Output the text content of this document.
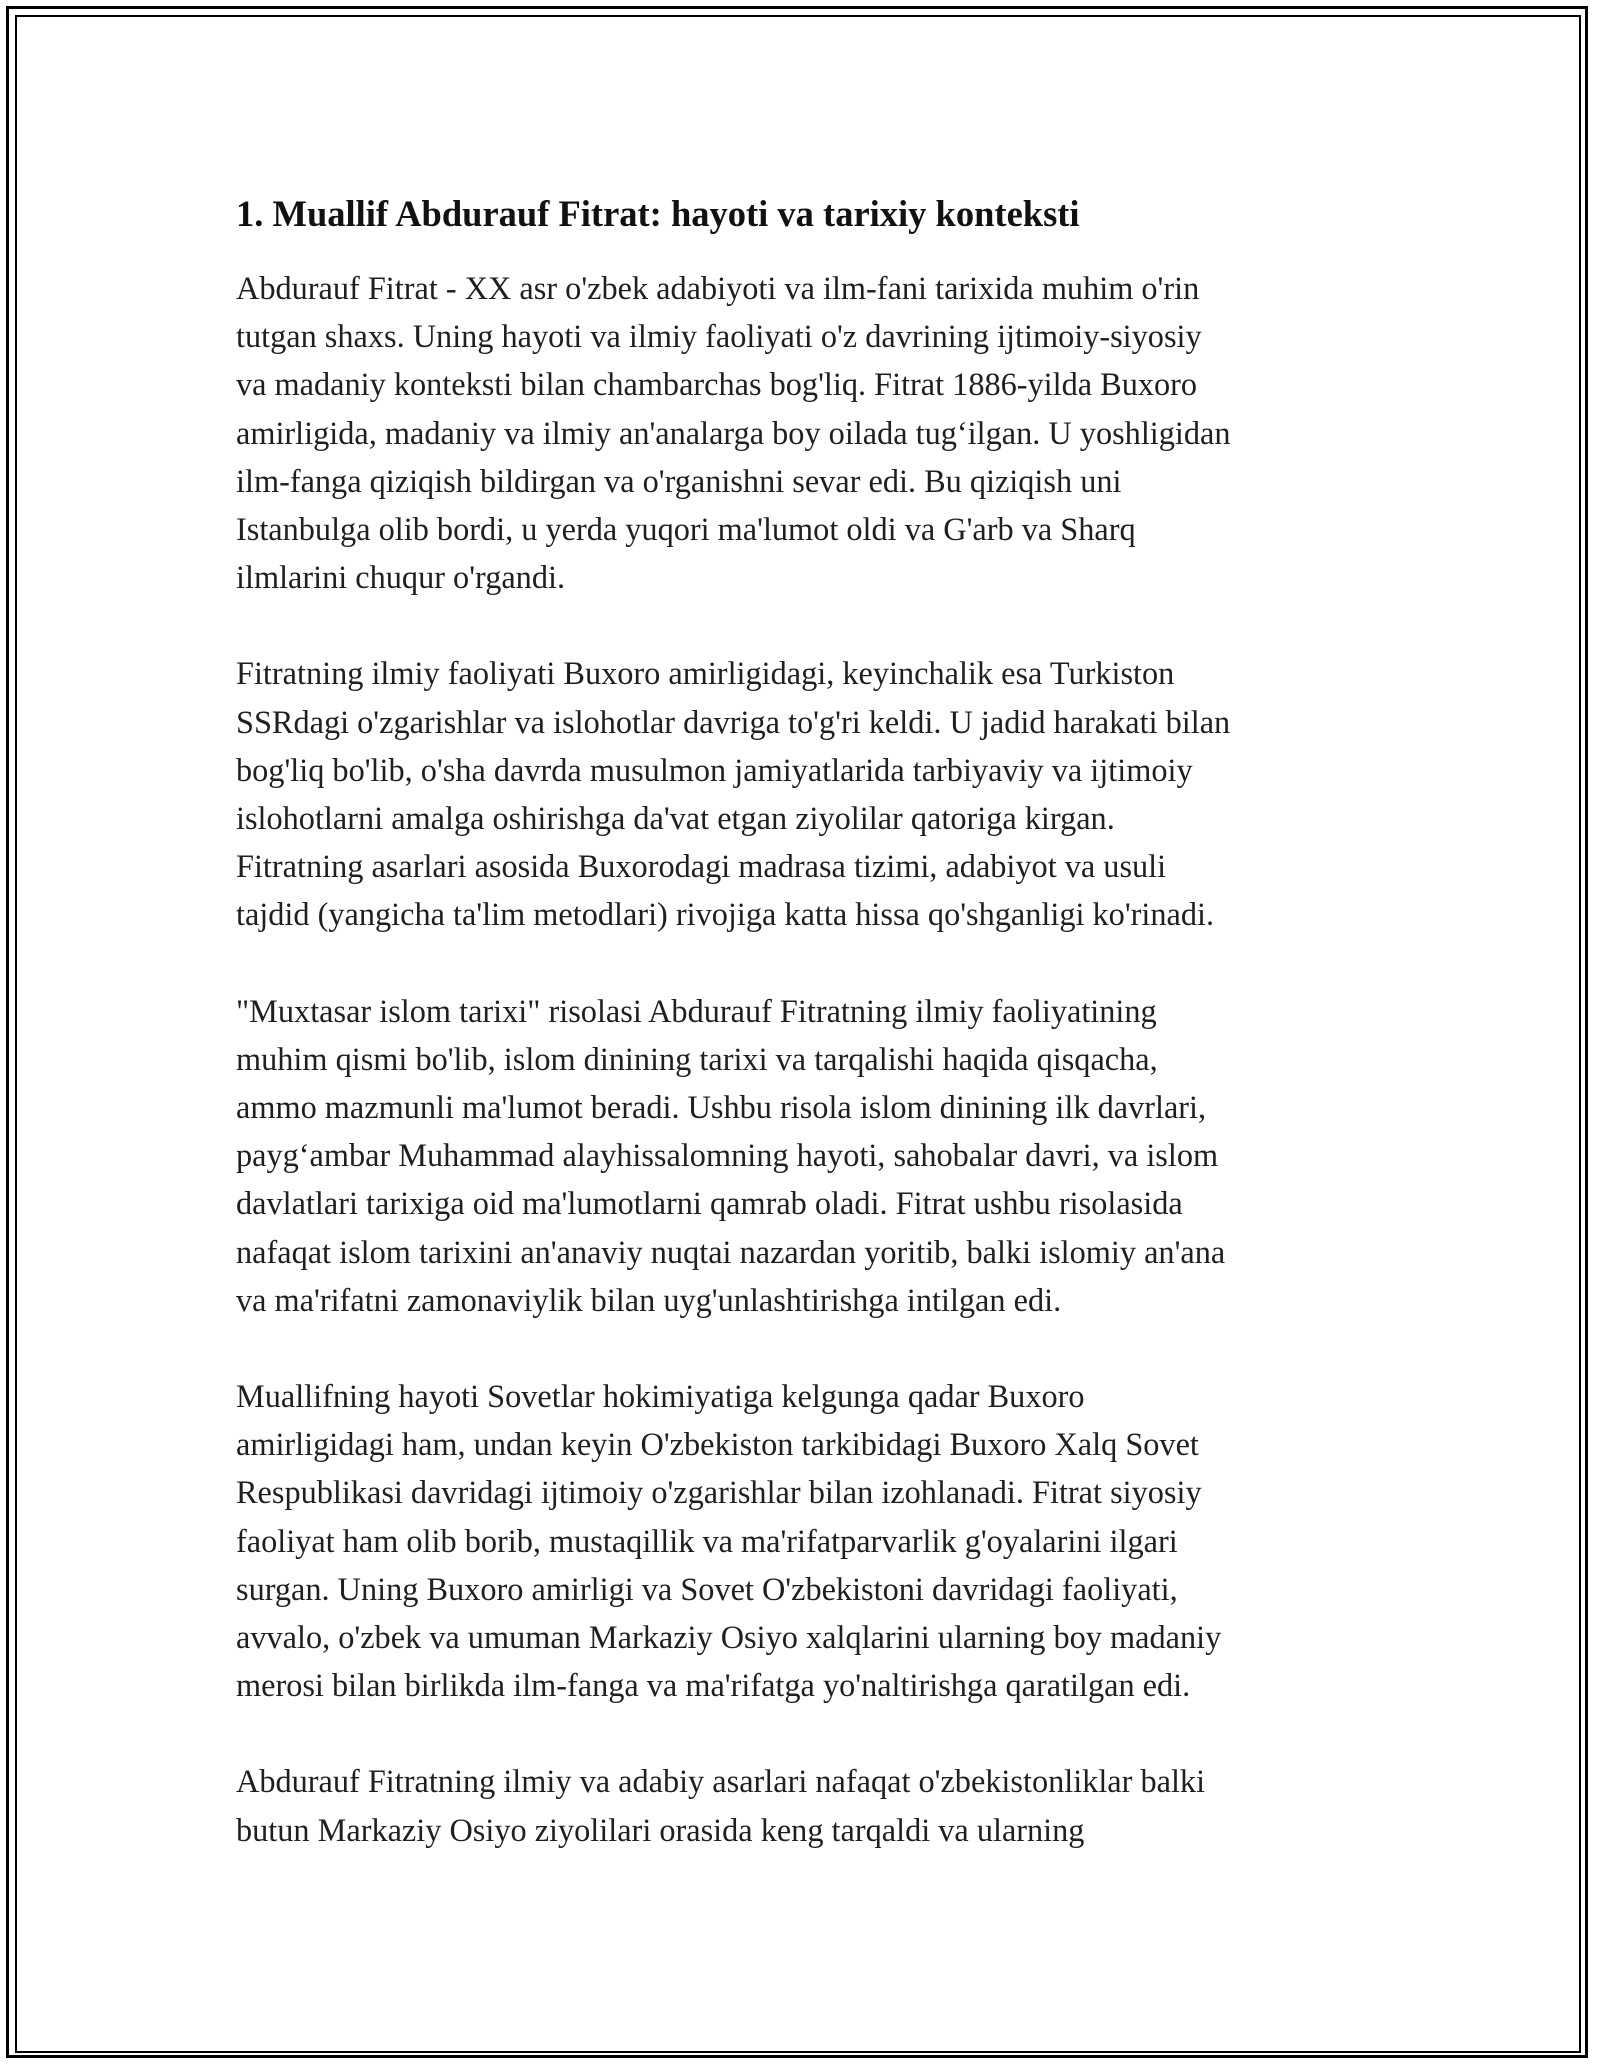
1. Muallif Abdurauf Fitrat: hayoti va tarixiy konteksti

Abdurauf Fitrat - XX asr o'zbek adabiyoti va ilm-fani tarixida muhim o'rin
tutgan shaxs. Uning hayoti va ilmiy faoliyati o'z davrining ijtimoiy-siyosiy
va madaniy konteksti bilan chambarchas bog'liq. Fitrat 1886-yilda Buxoro
amirligida, madaniy va ilmiy an'analarga boy oilada tug‘ilgan. U yoshligidan
ilm-fanga qiziqish bildirgan va o'rganishni sevar edi. Bu qiziqish uni
Istanbulga olib bordi, u yerda yuqori ma'lumot oldi va G'arb va Sharq
ilmlarini chuqur o'rgandi.

Fitratning ilmiy faoliyati Buxoro amirligidagi, keyinchalik esa Turkiston
SSRdagi o'zgarishlar va islohotlar davriga to'g'ri keldi. U jadid harakati bilan
bog'liq bo'lib, o'sha davrda musulmon jamiyatlarida tarbiyaviy va ijtimoiy
islohotlarni amalga oshirishga da'vat etgan ziyolilar qatoriga kirgan.
Fitratning asarlari asosida Buxorodagi madrasa tizimi, adabiyot va usuli
tajdid (yangicha ta'lim metodlari) rivojiga katta hissa qo'shganligi ko'rinadi.

"Muxtasar islom tarixi" risolasi Abdurauf Fitratning ilmiy faoliyatining
muhim qismi bo'lib, islom dinining tarixi va tarqalishi haqida qisqacha,
ammo mazmunli ma'lumot beradi. Ushbu risola islom dinining ilk davrlari,
payg‘ambar Muhammad alayhissalomning hayoti, sahobalar davri, va islom
davlatlari tarixiga oid ma'lumotlarni qamrab oladi. Fitrat ushbu risolasida
nafaqat islom tarixini an'anaviy nuqtai nazardan yoritib, balki islomiy an'ana
va ma'rifatni zamonaviylik bilan uyg'unlashtirishga intilgan edi.

Muallifning hayoti Sovetlar hokimiyatiga kelgunga qadar Buxoro
amirligidagi ham, undan keyin O'zbekiston tarkibidagi Buxoro Xalq Sovet
Respublikasi davridagi ijtimoiy o'zgarishlar bilan izohlanadi. Fitrat siyosiy
faoliyat ham olib borib, mustaqillik va ma'rifatparvarlik g'oyalarini ilgari
surgan. Uning Buxoro amirligi va Sovet O'zbekistoni davridagi faoliyati,
avvalo, o'zbek va umuman Markaziy Osiyo xalqlarini ularning boy madaniy
merosi bilan birlikda ilm-fanga va ma'rifatga yo'naltirishga qaratilgan edi.

Abdurauf Fitratning ilmiy va adabiy asarlari nafaqat o'zbekistonliklar balki
butun Markaziy Osiyo ziyolilari orasida keng tarqaldi va ularning
